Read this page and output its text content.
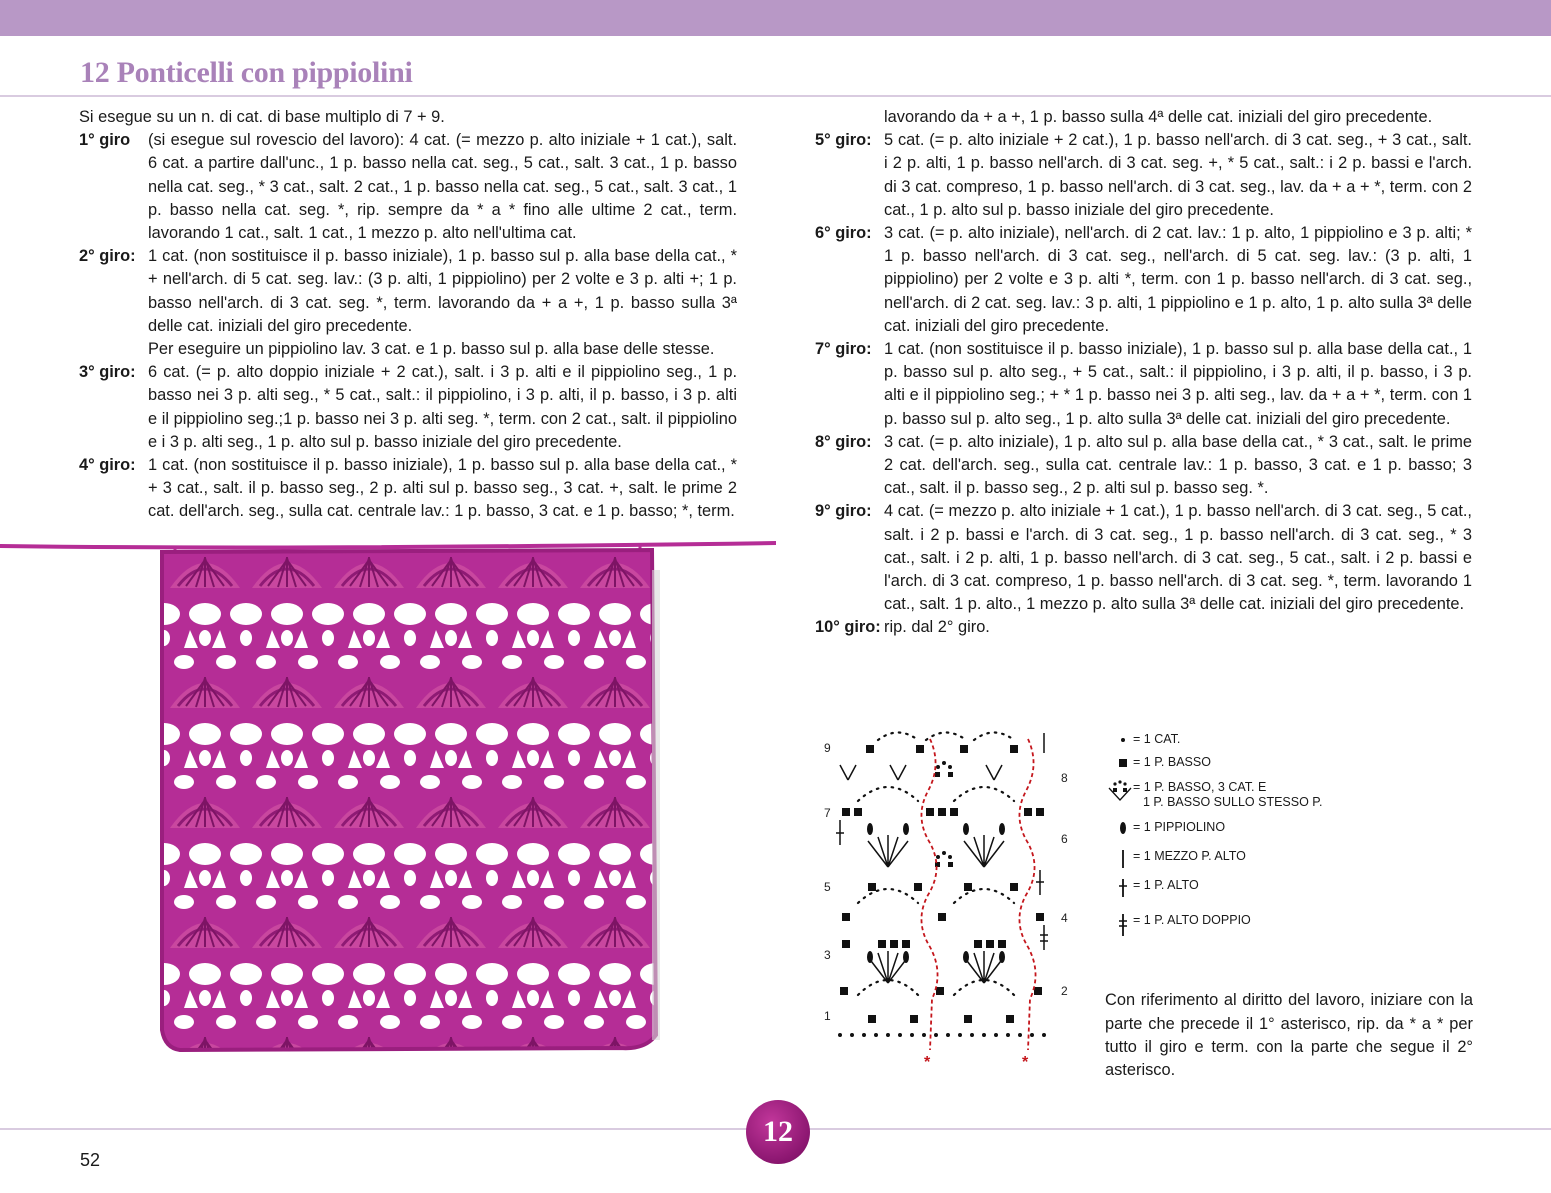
12 Ponticelli con pippiolini

Si esegue su un n. di cat. di base multiplo di 7 + 9.

1° giro (si esegue sul rovescio del lavoro): 4 cat. (= mezzo p. alto iniziale + 1 cat.), salt. 6 cat. a partire dall'unc., 1 p. basso nella cat. seg., 5 cat., salt. 3 cat., 1 p. basso nella cat. seg., * 3 cat., salt. 2 cat., 1 p. basso nella cat. seg., 5 cat., salt. 3 cat., 1 p. basso nella cat. seg. *, rip. sempre da * a * fino alle ultime 2 cat., term. lavorando 1 cat., salt. 1 cat., 1 mezzo p. alto nell'ultima cat.

2° giro: 1 cat. (non sostituisce il p. basso iniziale), 1 p. basso sul p. alla base della cat., * + nell'arch. di 5 cat. seg. lav.: (3 p. alti, 1 pippiolino) per 2 volte e 3 p. alti +; 1 p. basso nell'arch. di 3 cat. seg. *, term. lavorando da + a +, 1 p. basso sulla 3ª delle cat. iniziali del giro precedente.

Per eseguire un pippiolino lav. 3 cat. e 1 p. basso sul p. alla base delle stesse.

3° giro: 6 cat. (= p. alto doppio iniziale + 2 cat.), salt. i 3 p. alti e il pippiolino seg., 1 p. basso nei 3 p. alti seg., * 5 cat., salt.: il pippiolino, i 3 p. alti, il p. basso, i 3 p. alti e il pippiolino seg.;1 p. basso nei 3 p. alti seg. *, term. con 2 cat., salt. il pippiolino e i 3 p. alti seg., 1 p. alto sul p. basso iniziale del giro precedente.

4° giro: 1 cat. (non sostituisce il p. basso iniziale), 1 p. basso sul p. alla base della cat., * + 3 cat., salt. il p. basso seg., 2 p. alti sul p. basso seg., 3 cat. +, salt. le prime 2 cat. dell'arch. seg., sulla cat. centrale lav.: 1 p. basso, 3 cat. e 1 p. basso; *, term.

lavorando da + a +, 1 p. basso sulla 4ª delle cat. iniziali del giro precedente.

5° giro: 5 cat. (= p. alto iniziale + 2 cat.), 1 p. basso nell'arch. di 3 cat. seg., + 3 cat., salt. i 2 p. alti, 1 p. basso nell'arch. di 3 cat. seg. +, * 5 cat., salt.: i 2 p. bassi e l'arch. di 3 cat. compreso, 1 p. basso nell'arch. di 3 cat. seg., lav. da + a + *, term. con 2 cat., 1 p. alto sul p. basso iniziale del giro precedente.

6° giro: 3 cat. (= p. alto iniziale), nell'arch. di 2 cat. lav.: 1 p. alto, 1 pippiolino e 3 p. alti; * 1 p. basso nell'arch. di 3 cat. seg., nell'arch. di 5 cat. seg. lav.: (3 p. alti, 1 pippiolino) per 2 volte e 3 p. alti *, term. con 1 p. basso nell'arch. di 3 cat. seg., nell'arch. di 2 cat. seg. lav.: 3 p. alti, 1 pippiolino e 1 p. alto, 1 p. alto sulla 3ª delle cat. iniziali del giro precedente.

7° giro: 1 cat. (non sostituisce il p. basso iniziale), 1 p. basso sul p. alla base della cat., 1 p. basso sul p. alto seg., + 5 cat., salt.: il pippiolino, i 3 p. alti, il p. basso, i 3 p. alti e il pippiolino seg.; + * 1 p. basso nei 3 p. alti seg., lav. da + a + *, term. con 1 p. basso sul p. alto seg., 1 p. alto sulla 3ª delle cat. iniziali del giro precedente.

8° giro: 3 cat. (= p. alto iniziale), 1 p. alto sul p. alla base della cat., * 3 cat., salt. le prime 2 cat. dell'arch. seg., sulla cat. centrale lav.: 1 p. basso, 3 cat. e 1 p. basso; 3 cat., salt. il p. basso seg., 2 p. alti sul p. basso seg. *.

9° giro: 4 cat. (= mezzo p. alto iniziale + 1 cat.), 1 p. basso nell'arch. di 3 cat. seg., 5 cat., salt. i 2 p. bassi e l'arch. di 3 cat. seg., 1 p. basso nell'arch. di 3 cat. seg., * 3 cat., salt. i 2 p. alti, 1 p. basso nell'arch. di 3 cat. seg., 5 cat., salt. i 2 p. bassi e l'arch. di 3 cat. compreso, 1 p. basso nell'arch. di 3 cat. seg. *, term. lavorando 1 cat., salt. 1 p. alto., 1 mezzo p. alto sulla 3ª delle cat. iniziali del giro precedente.

10° giro: rip. dal 2° giro.

9
7
5
3
1
8
6
4
2
*	*
= 1 CAT.
= 1 P. BASSO
= 1 P. BASSO, 3 CAT. E
1 P. BASSO SULLO STESSO P.
= 1 PIPPIOLINO
= 1 MEZZO P. ALTO
= 1 P. ALTO
= 1 P. ALTO DOPPIO

Con riferimento al diritto del lavoro, iniziare con la parte che precede il 1° asterisco, rip. da * a * per tutto il giro e term. con la parte che segue il 2° asterisco.

12
52
